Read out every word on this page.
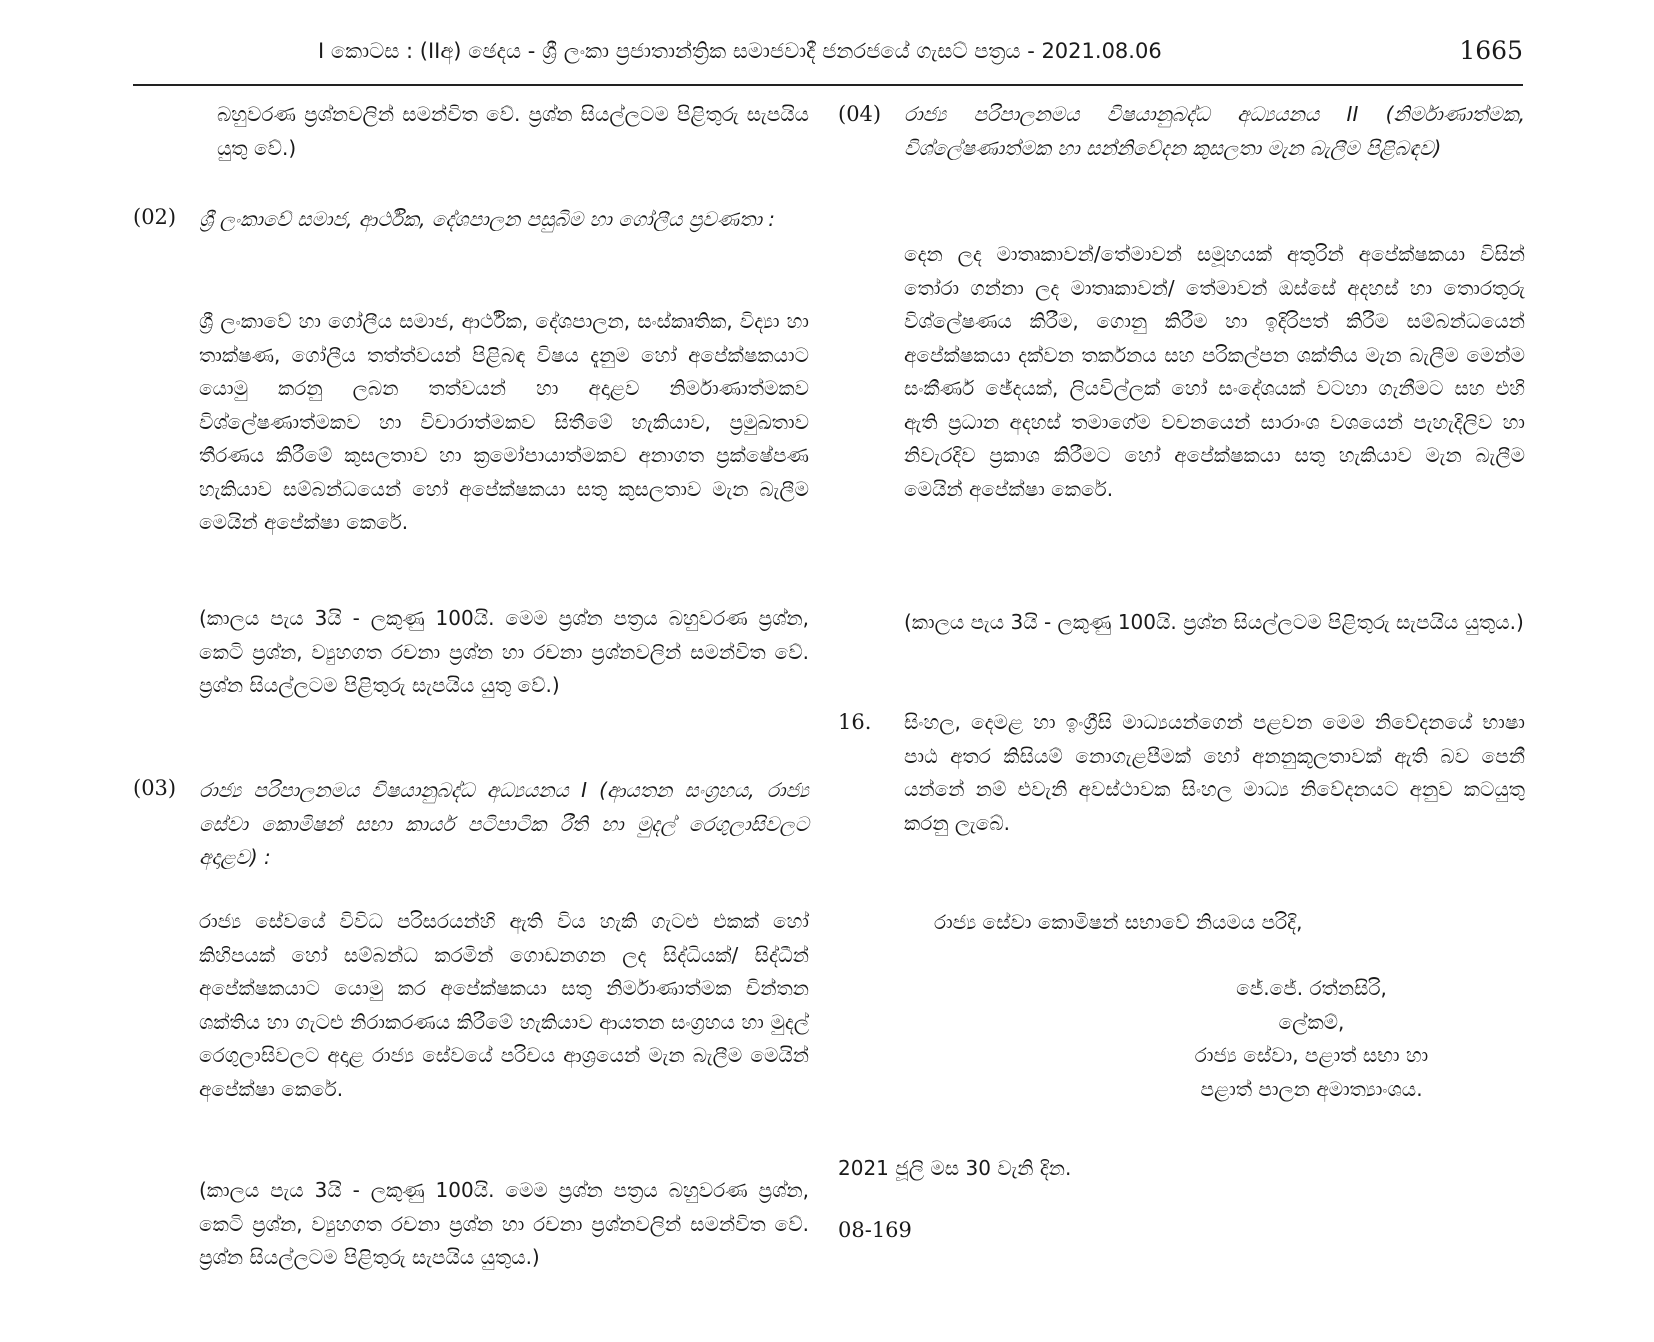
I කොටස : (IIඅ) ඡෙදය - ශ්‍රී ලංකා ප්‍රජාතාන්ත්‍රික සමාජවාදී ජනරජයේ ගැසට් පත්‍රය - 2021.08.06	1665

බහුවරණ ප්‍රශ්නවලින් සමන්විත වේ. ප්‍රශ්න සියල්ලටම පිළිතුරු සැපයිය යුතු වේ.)

(02) ශ්‍රී ලංකාවේ සමාජ, ආර්ථික, දේශපාලන පසුබිම හා ගෝලීය ප්‍රවණතා :

ශ්‍රී ලංකාවේ හා ගෝලීය සමාජ, ආර්ථික, දේශපාලන, සංස්කෘතික, විද්‍යා හා තාක්ෂණ, ගෝලීය තත්ත්වයන් පිළිබඳ විෂය දැනුම හෝ අපේක්ෂකයාට යොමු කරනු ලබන තත්වයන් හා අදාළව නිර්මාණාත්මකව විශ්ලේෂණාත්මකව හා විචාරාත්මකව සිතීමේ හැකියාව, ප්‍රමුඛතාව තීරණය කිරීමේ කුසලතාව හා ක්‍රමෝපායාත්මකව අනාගත ප්‍රක්ෂේපණ හැකියාව සම්බන්ධයෙන් හෝ අපේක්ෂකයා සතු කුසලතාව මැන බැලීම මෙයින් අපේක්ෂා කෙරේ.

(කාලය පැය 3යි - ලකුණු 100යි. මෙම ප්‍රශ්න පත්‍රය බහුවරණ ප්‍රශ්න, කෙටි ප්‍රශ්න, ව්‍යුහගත රචනා ප්‍රශ්න හා රචනා ප්‍රශ්නවලින් සමන්විත වේ. ප්‍රශ්න සියල්ලටම පිළිතුරු සැපයිය යුතු වේ.)

(03) රාජ්‍ය පරිපාලනමය විෂයානුබද්ධ අධ්‍යයනය I (ආයතන සංග්‍රහය, රාජ්‍ය සේවා කොමිෂන් සභා කාර්ය පටිපාටික රීති හා මුදල් රෙගුලාසිවලට අදාළව) :

රාජ්‍ය සේවයේ විවිධ පරිසරයන්හි ඇති විය හැකි ගැටළු එකක් හෝ කිහිපයක් හෝ සම්බන්ධ කරමින් ගොඩනගන ලද සිද්ධියක්/ සිද්ධීන් අපේක්ෂකයාට යොමු කර අපේක්ෂකයා සතු නිර්මාණාත්මක චින්තන ශක්තිය හා ගැටළු නිරාකරණය කිරීමේ හැකියාව ආයතන සංග්‍රහය හා මුදල් රෙගුලාසිවලට අදාළ රාජ්‍ය සේවයේ පරිචය ආශ්‍රයෙන් මැන බැලීම මෙයින් අපේක්ෂා කෙරේ.

(කාලය පැය 3යි - ලකුණු 100යි. මෙම ප්‍රශ්න පත්‍රය බහුවරණ ප්‍රශ්න, කෙටි ප්‍රශ්න, ව්‍යුහගත රචනා ප්‍රශ්න හා රචනා ප්‍රශ්නවලින් සමන්විත වේ. ප්‍රශ්න සියල්ලටම පිළිතුරු සැපයිය යුතුය.)

(04) රාජ්‍ය පරිපාලනමය විෂයානුබද්ධ අධ්‍යයනය II (නිර්මාණාත්මක, විශ්ලේෂණාත්මක හා සන්නිවේදන කුසලතා මැන බැලීම පිළිබඳව)

දෙන ලද මාතෘකාවන්/තේමාවන් සමූහයක් අතුරින් අපේක්ෂකයා විසින් තෝරා ගන්නා ලද මාතෘකාවන්/ තේමාවන් ඔස්සේ අදහස් හා තොරතුරු විශ්ලේෂණය කිරීම, ගොනු කිරීම හා ඉදිරිපත් කිරීම සම්බන්ධයෙන් අපේක්ෂකයා දක්වන තර්කනය සහ පරිකල්පන ශක්තිය මැන බැලීම මෙන්ම සංකීර්ණ ඡේදයක්, ලියවිල්ලක් හෝ සංදේශයක් වටහා ගැනීමට සහ එහි ඇති ප්‍රධාන අදහස් තමාගේම වචනයෙන් සාරාංශ වශයෙන් පැහැදිලිව හා නිවැරදිව ප්‍රකාශ කිරීමට හෝ අපේක්ෂකයා සතු හැකියාව මැන බැලීම මෙයින් අපේක්ෂා කෙරේ.

(කාලය පැය 3යි - ලකුණු 100යි. ප්‍රශ්න සියල්ලටම පිළිතුරු සැපයිය යුතුය.)

16. සිංහල, දෙමළ හා ඉංග්‍රීසි මාධ්‍යයන්ගෙන් පළවන මෙම නිවේදනයේ භාෂා පාඨ අතර කිසියම් නොගැළපීමක් හෝ අනනුකූලතාවක් ඇති බව පෙනී යන්නේ නම් එවැනි අවස්ථාවක සිංහල මාධ්‍ය නිවේදනයට අනුව කටයුතු කරනු ලැබේ.

රාජ්‍ය සේවා කොමිෂන් සභාවේ නියමය පරිදි,

ජේ.ජේ. රත්නසිරි,

ලේකම්,

රාජ්‍ය සේවා, පළාත් සභා හා

පළාත් පාලන අමාත්‍යාංශය.

2021 ජූලි මස 30 වැනි දින.

08-169
